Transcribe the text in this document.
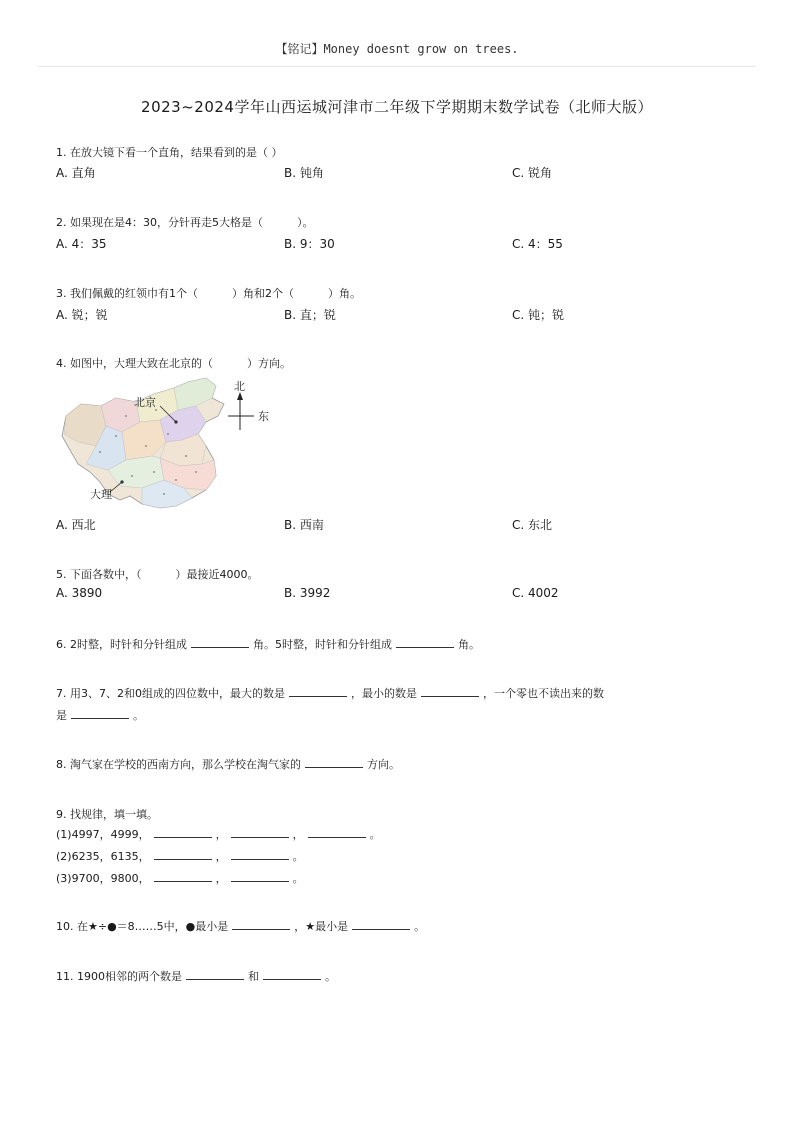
【铭记】Money doesnt grow on trees.
2023~2024学年山西运城河津市二年级下学期期末数学试卷（北师大版）
1. 在放大镜下看一个直角，结果看到的是（ ）
A. 直角	B. 钝角	C. 锐角
2. 如果现在是4：30，分针再走5大格是（	）。
A. 4：35	B. 9：30	C. 4：55
3. 我们佩戴的红领巾有1个（	）角和2个（	）角。
A. 锐；锐	B. 直；锐	C. 钝；锐
4. 如图中，大理大致在北京的（	）方向。
北京
大理
北
东
A. 西北	B. 西南	C. 东北
5. 下面各数中，（	）最接近4000。
A. 3890	B. 3992	C. 4002
6. 2时整，时针和分针组成	角。5时整，时针和分针组成	角。
7. 用3、7、2和0组成的四位数中，最大的数是	，最小的数是	，一个零也不读出来的数
是	。
8. 淘气家在学校的西南方向，那么学校在淘气家的	方向。
9. 找规律，填一填。
(1)4997，4999，	，	，	。
(2)6235，6135，	，	。
(3)9700，9800，	，	。
10. 在★÷●＝8……5中，●最小是	，★最小是	。
11. 1900相邻的两个数是	和	。
